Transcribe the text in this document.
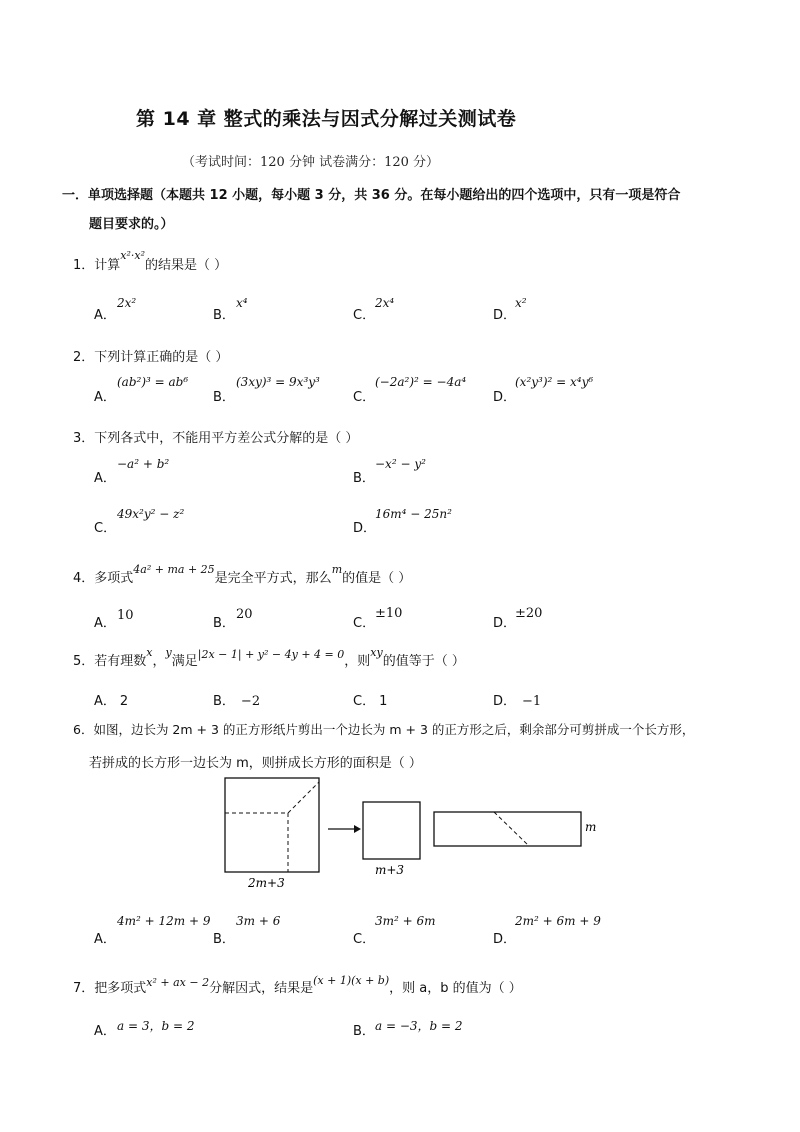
第 14 章 整式的乘法与因式分解过关测试卷
（考试时间：120 分钟 试卷满分：120 分）
一．单项选择题（本题共 12 小题，每小题 3 分，共 36 分。在每小题给出的四个选项中，只有一项是符合
题目要求的。）
1．计算$^{x^2\cdot x^2}$的结果是（ ）
A．
2x²
B．
x⁴
C．
2x⁴
D．
x²
2．下列计算正确的是（ ）
A．
(ab²)³ = ab⁶
B．
(3xy)³ = 9x³y³
C．
(−2a²)² = −4a⁴
D．
(x²y³)² = x⁴y⁶
3．下列各式中，不能用平方差公式分解的是（ ）
A．
−a² + b²
B．
−x² − y²
C．
49x²y² − z²
D．
16m⁴ − 25n²
4．多项式$^{4a^2 + ma + 25}$是完全平方式，那么$^m$的值是（ ）
A．
10
B．
20
C．
±10
D．
±20
5．若有理数$^x$，$^y$满足$^{|2x - 1| + y^2 - 4y + 4 = 0}$，则$^{xy}$的值等于（ ）
A． 2	B． −2	C． 1	D． −1
6．如图，边长为 2m + 3 的正方形纸片剪出一个边长为 m + 3 的正方形之后，剩余部分可剪拼成一个长方形，
若拼成的长方形一边长为 m，则拼成长方形的面积是（ ）
2m+3
m+3
m
A．
4m² + 12m + 9
B．
3m + 6
C．
3m² + 6m
D．
2m² + 6m + 9
7．把多项式$^{x^2 + ax - 2}$分解因式，结果是$^{(x + 1)(x + b)}$，则 a，b 的值为（ ）
A． a = 3，b = 2	B． a = −3，b = 2
